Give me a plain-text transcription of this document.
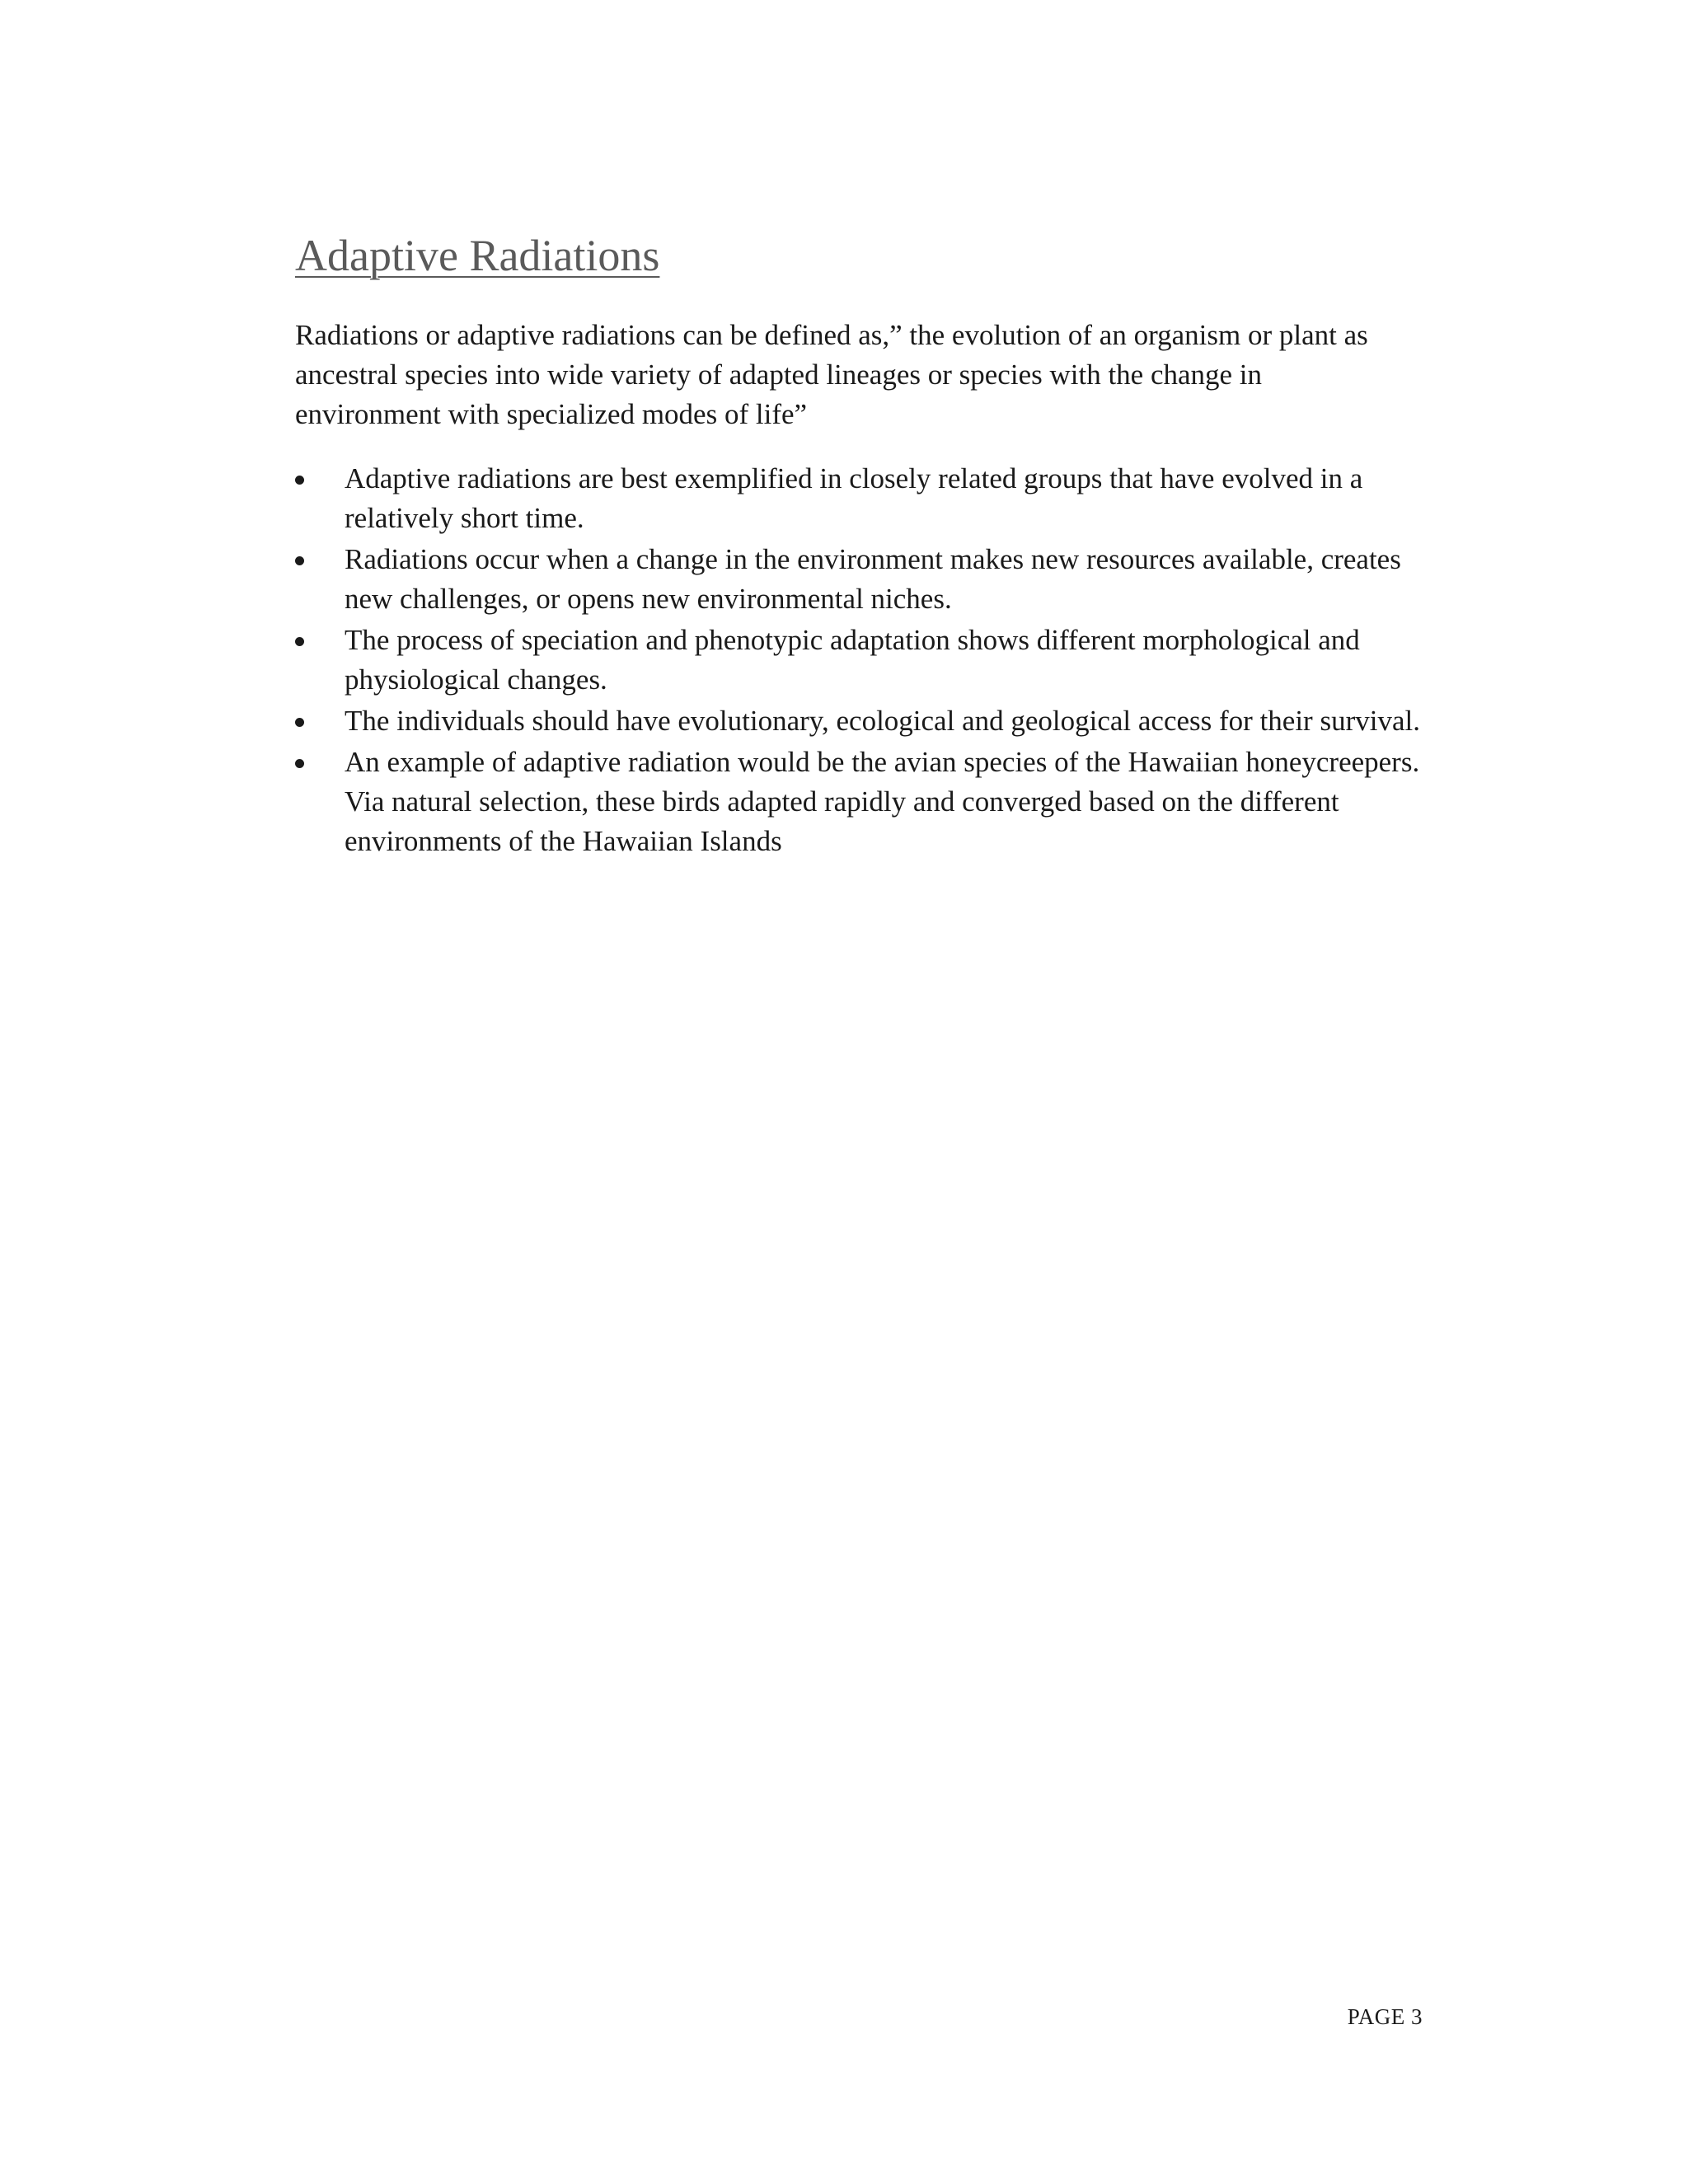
Adaptive Radiations

Radiations or adaptive radiations can be defined as,” the evolution of an organism or plant as ancestral species into wide variety of adapted lineages or species with the change in environment with specialized modes of life”

Adaptive radiations are best exemplified in closely related groups that have evolved in a relatively short time.
Radiations occur when a change in the environment makes new resources available, creates new challenges, or opens new environmental niches.
The process of speciation and phenotypic adaptation shows different morphological and physiological changes.
The individuals should have evolutionary, ecological and geological access for their survival.
An example of adaptive radiation would be the avian species of the Hawaiian honeycreepers. Via natural selection, these birds adapted rapidly and converged based on the different environments of the Hawaiian Islands
PAGE 3
